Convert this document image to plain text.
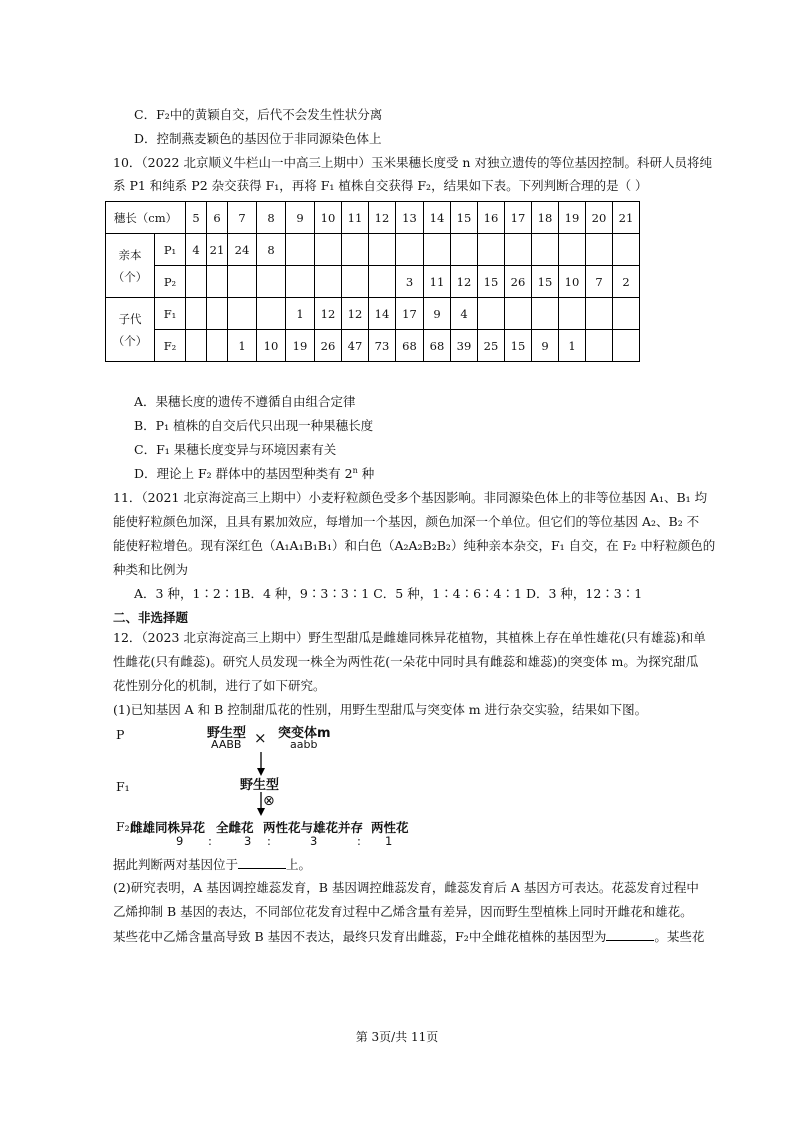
C．F₂中的黄颖自交，后代不会发生性状分离
D．控制燕麦颖色的基因位于非同源染色体上
10．（2022 北京顺义牛栏山一中高三上期中）玉米果穗长度受 n 对独立遗传的等位基因控制。科研人员将纯
系 P1 和纯系 P2 杂交获得 F₁，再将 F₁ 植株自交获得 F₂，结果如下表。下列判断合理的是（ ）
穗长（cm）		5	6	7	8	9	10	11	12	13	14	15	16	17	18	19	20	21

亲本
（个）	P₁	4	21	24	8													
	P₂									3	11	12	15	26	15	10	7	2

子代
（个）	F₁					1	12	12	14	17	9	4						
	F₂			1	10	19	26	47	73	68	68	39	25	15	9	1		
A．果穗长度的遗传不遵循自由组合定律
B．P₁ 植株的自交后代只出现一种果穗长度
C．F₁ 果穗长度变异与环境因素有关
D．理论上 F₂ 群体中的基因型种类有 2$^n$ 种
11．（2021 北京海淀高三上期中）小麦籽粒颜色受多个基因影响。非同源染色体上的非等位基因 A₁、B₁ 均
能使籽粒颜色加深，且具有累加效应，每增加一个基因，颜色加深一个单位。但它们的等位基因 A₂、B₂ 不
能使籽粒增色。现有深红色（A₁A₁B₁B₁）和白色（A₂A₂B₂B₂）纯种亲本杂交，F₁ 自交，在 F₂ 中籽粒颜色的
种类和比例为
A．3 种，1∶2∶1B．4 种，9∶3∶3∶1 C．5 种，1∶4∶6∶4∶1 D．3 种，12∶3∶1
二、非选择题
12．（2023 北京海淀高三上期中）野生型甜瓜是雌雄同株异花植物，其植株上存在单性雄花(只有雄蕊)和单
性雌花(只有雌蕊)。研究人员发现一株全为两性花(一朵花中同时具有雌蕊和雄蕊)的突变体 m。为探究甜瓜
花性别分化的机制，进行了如下研究。
(1)已知基因 A 和 B 控制甜瓜花的性别，用野生型甜瓜与突变体 m 进行杂交实验，结果如下图。
P	野生型
AABB × 突变体m
aabb
F₁	野生型
⊗
F₂ 雌雄同株异花 全雌花 两性花与雄花并存 两性花
9 :	3 :	3	: 1
据此判断两对基因位于	上。
(2)研究表明，A 基因调控雄蕊发育，B 基因调控雌蕊发育，雌蕊发育后 A 基因方可表达。花蕊发育过程中
乙烯抑制 B 基因的表达，不同部位花发育过程中乙烯含量有差异，因而野生型植株上同时开雌花和雄花。
某些花中乙烯含量高导致 B 基因不表达，最终只发育出雌蕊，F₂中全雌花植株的基因型为	。某些花
第 3页/共 11页
